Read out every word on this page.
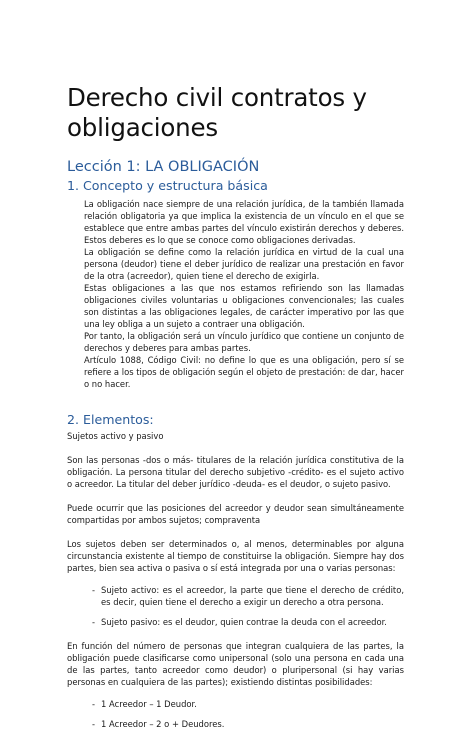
Derecho civil contratos y obligaciones
Lección 1: LA OBLIGACIÓN
1. Concepto y estructura básica

La obligación nace siempre de una relación jurídica, de la también llamada relación obligatoria ya que implica la existencia de un vínculo en el que se establece que entre ambas partes del vínculo existirán derechos y deberes. Estos deberes es lo que se conoce como obligaciones derivadas.

La obligación se define como la relación jurídica en virtud de la cual una persona (deudor) tiene el deber jurídico de realizar una prestación en favor de la otra (acreedor), quien tiene el derecho de exigirla.

Estas obligaciones a las que nos estamos refiriendo son las llamadas obligaciones civiles voluntarias u obligaciones convencionales; las cuales son distintas a las obligaciones legales, de carácter imperativo por las que una ley obliga a un sujeto a contraer una obligación.

Por tanto, la obligación será un vínculo jurídico que contiene un conjunto de derechos y deberes para ambas partes.

Artículo 1088, Código Civil: no define lo que es una obligación, pero sí se refiere a los tipos de obligación según el objeto de prestación: de dar, hacer o no hacer.

2. Elementos:

Sujetos activo y pasivo

Son las personas -dos o más- titulares de la relación jurídica constitutiva de la obligación. La persona titular del derecho subjetivo -crédito- es el sujeto activo o acreedor. La titular del deber jurídico -deuda- es el deudor, o sujeto pasivo.

Puede ocurrir que las posiciones del acreedor y deudor sean simultáneamente compartidas por ambos sujetos; compraventa

Los sujetos deben ser determinados o, al menos, determinables por alguna circunstancia existente al tiempo de constituirse la obligación. Siempre hay dos partes, bien sea activa o pasiva o sí está integrada por una o varias personas:

- Sujeto activo: es el acreedor, la parte que tiene el derecho de crédito, es decir, quien tiene el derecho a exigir un derecho a otra persona.
- Sujeto pasivo: es el deudor, quien contrae la deuda con el acreedor.

En función del número de personas que integran cualquiera de las partes, la obligación puede clasificarse como unipersonal (solo una persona en cada una de las partes, tanto acreedor como deudor) o pluripersonal (si hay varias personas en cualquiera de las partes); existiendo distintas posibilidades:

- 1 Acreedor – 1 Deudor.
- 1 Acreedor – 2 o + Deudores.
